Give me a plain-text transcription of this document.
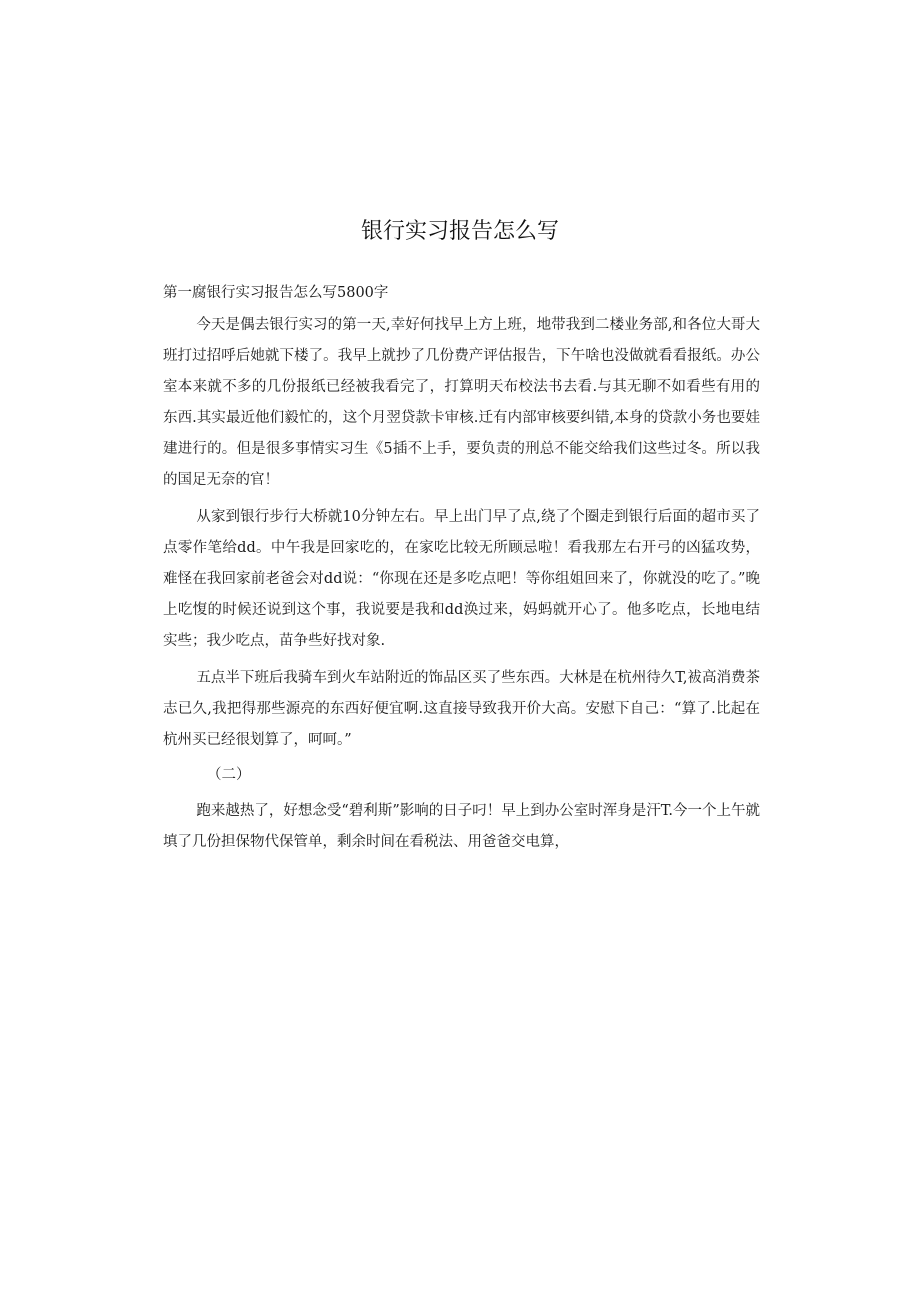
银行实习报告怎么写
第一腐银行实习报告怎么写5800字

今天是偶去银行实习的第一天,幸好何找早上方上班，地带我到二楼业务部,和各位大哥大班打过招呼后她就下楼了。我早上就抄了几份费产评估报告，下午啥也没做就看看报纸。办公室本来就不多的几份报纸已经被我看完了，打算明天布校法书去看.与其无聊不如看些有用的东西.其实最近他们毅忙的，这个月翌贷款卡审核.迁有内部审核要纠错,本身的贷款小务也要娃建进行的。但是很多事情实习生《5插不上手，要负责的刑总不能交给我们这些过冬。所以我的国足无奈的官！

从家到银行步行大桥就10分钟左右。早上出门早了点,绕了个圈走到银行后面的超市买了点零作笔给dd。中午我是回家吃的，在家吃比较无所顾忌啦！看我那左右开弓的凶猛攻势，难怪在我回家前老爸会对dd说：“你现在还是多吃点吧！等你组姐回来了，你就没的吃了。”晚上吃愎的时候还说到这个事，我说要是我和dd涣过来，妈蚂就开心了。他多吃点，长地电结实些；我少吃点，苗争些好找对象.

五点半下班后我骑车到火车站附近的饰品区买了些东西。大林是在杭州待久T,袚高消费茶志已久,我把得那些源亮的东西好便宜啊.这直接导致我开价大高。安慰下自己：“算了.比起在杭州买已经很划算了，呵呵。”

（二）

跑来越热了，好想念受“碧利斯”影响的日子叼！早上到办公室时浑身是汗T.今一个上午就填了几份担保物代保管单，剩余时间在看税法、用爸爸交电算，
